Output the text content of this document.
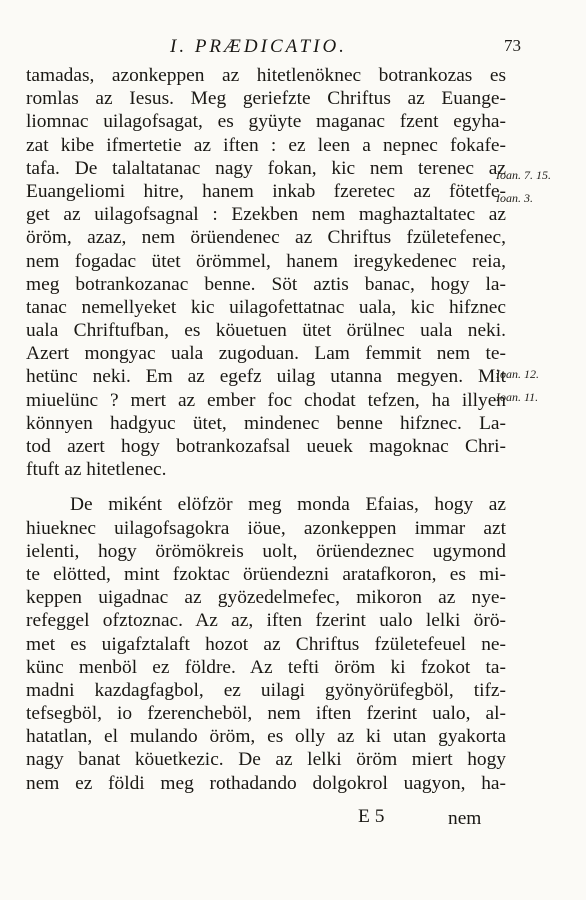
I. PRÆDICATIO.	73
tamadas, azonkeppen az hitetlenöknec botrankozas es
romlas az Iesus. Meg geriefzte Chriftus az Euange-
liomnac uilagofsagat, es gyüyte maganac fzent egyha-
zat kibe ifmertetie az iften : ez leen a nepnec fokafe-
tafa. De talaltatanac nagy fokan, kic nem terenec az
Euangeliomi hitre, hanem inkab fzeretec az fötetfe-
get az uilagofsagnal : Ezekben nem maghaztaltatec az
öröm, azaz, nem örüendenec az Chriftus fzületefenec,
nem fogadac ütet örömmel, hanem iregykedenec reia,
meg botrankozanac benne. Söt aztis banac, hogy la-
tanac nemellyeket kic uilagofettatnac uala, kic hifznec
uala Chriftufban, es köuetuen ütet örülnec uala neki.
Azert mongyac uala zugoduan. Lam femmit nem te-
hetünc neki. Em az egefz uilag utanna megyen. Mit
miuelünc ? mert az ember foc chodat tefzen, ha illyen
könnyen hadgyuc ütet, mindenec benne hifznec. La-
tod azert hogy botrankozafsal ueuek magoknac Chri-
ftuft az hitetlenec.
De miként elöfzör meg monda Efaias, hogy az
hiueknec uilagofsagokra iöue, azonkeppen immar azt
ielenti, hogy örömökreis uolt, örüendeznec ugymond
te elötted, mint fzoktac örüendezni aratafkoron, es mi-
keppen uigadnac az gyözedelmefec, mikoron az nye-
refeggel ofztoznac. Az az, iften fzerint ualo lelki örö-
met es uigafztalaft hozot az Chriftus fzületefeuel ne-
künc menböl ez földre. Az tefti öröm ki fzokot ta-
madni kazdagfagbol, ez uilagi gyönyörüfegböl, tifz-
tefsegböl, io fzerencheböl, nem iften fzerint ualo, al-
hatatlan, el mulando öröm, es olly az ki utan gyakorta
nagy banat köuetkezic. De az lelki öröm miert hogy
nem ez földi meg rothadando dolgokrol uagyon, ha-
Ioan. 7. 15.
Ioan. 3.
Ioan. 12.
Ioan. 11.
E 5	nem
